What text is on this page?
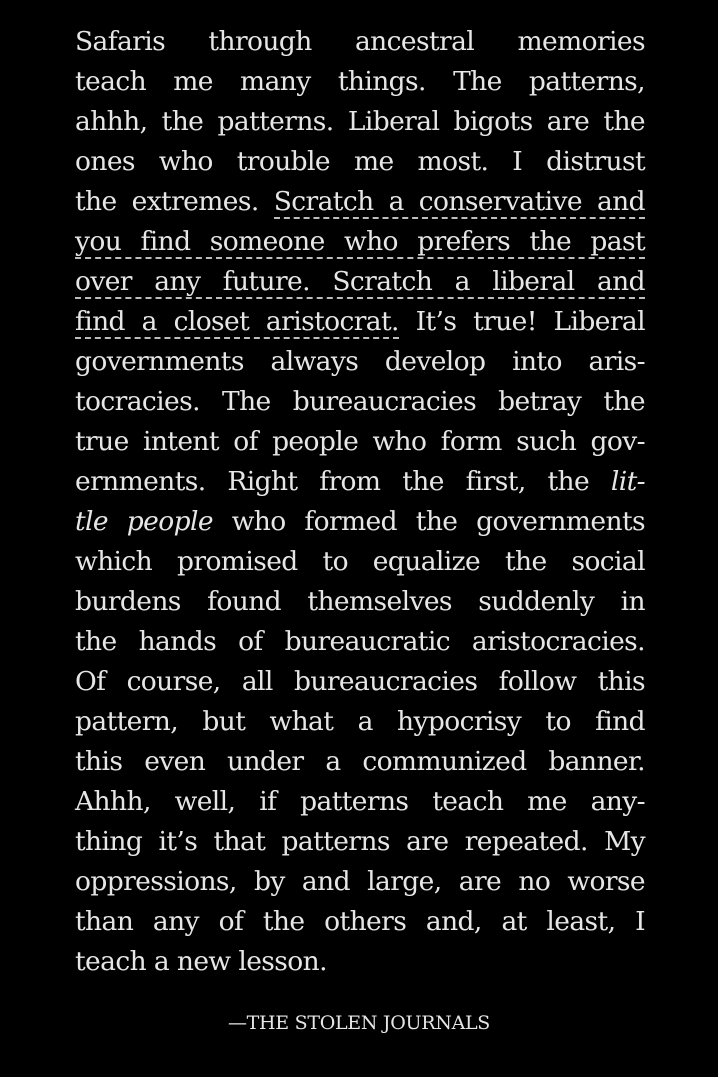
Safaris through ancestral memories
teach me many things. The patterns,
ahhh, the patterns. Liberal bigots are the
ones who trouble me most. I distrust
the extremes. Scratch a conservative and
you find someone who prefers the past
over any future. Scratch a liberal and
find a closet aristocrat. It’s true! Liberal
governments always develop into aris-
tocracies. The bureaucracies betray the
true intent of people who form such gov-
ernments. Right from the first, the lit-
tle people who formed the governments
which promised to equalize the social
burdens found themselves suddenly in
the hands of bureaucratic aristocracies.
Of course, all bureaucracies follow this
pattern, but what a hypocrisy to find
this even under a communized banner.
Ahhh, well, if patterns teach me any-
thing it’s that patterns are repeated. My
oppressions, by and large, are no worse
than any of the others and, at least, I
teach a new lesson.
—THE STOLEN JOURNALS
